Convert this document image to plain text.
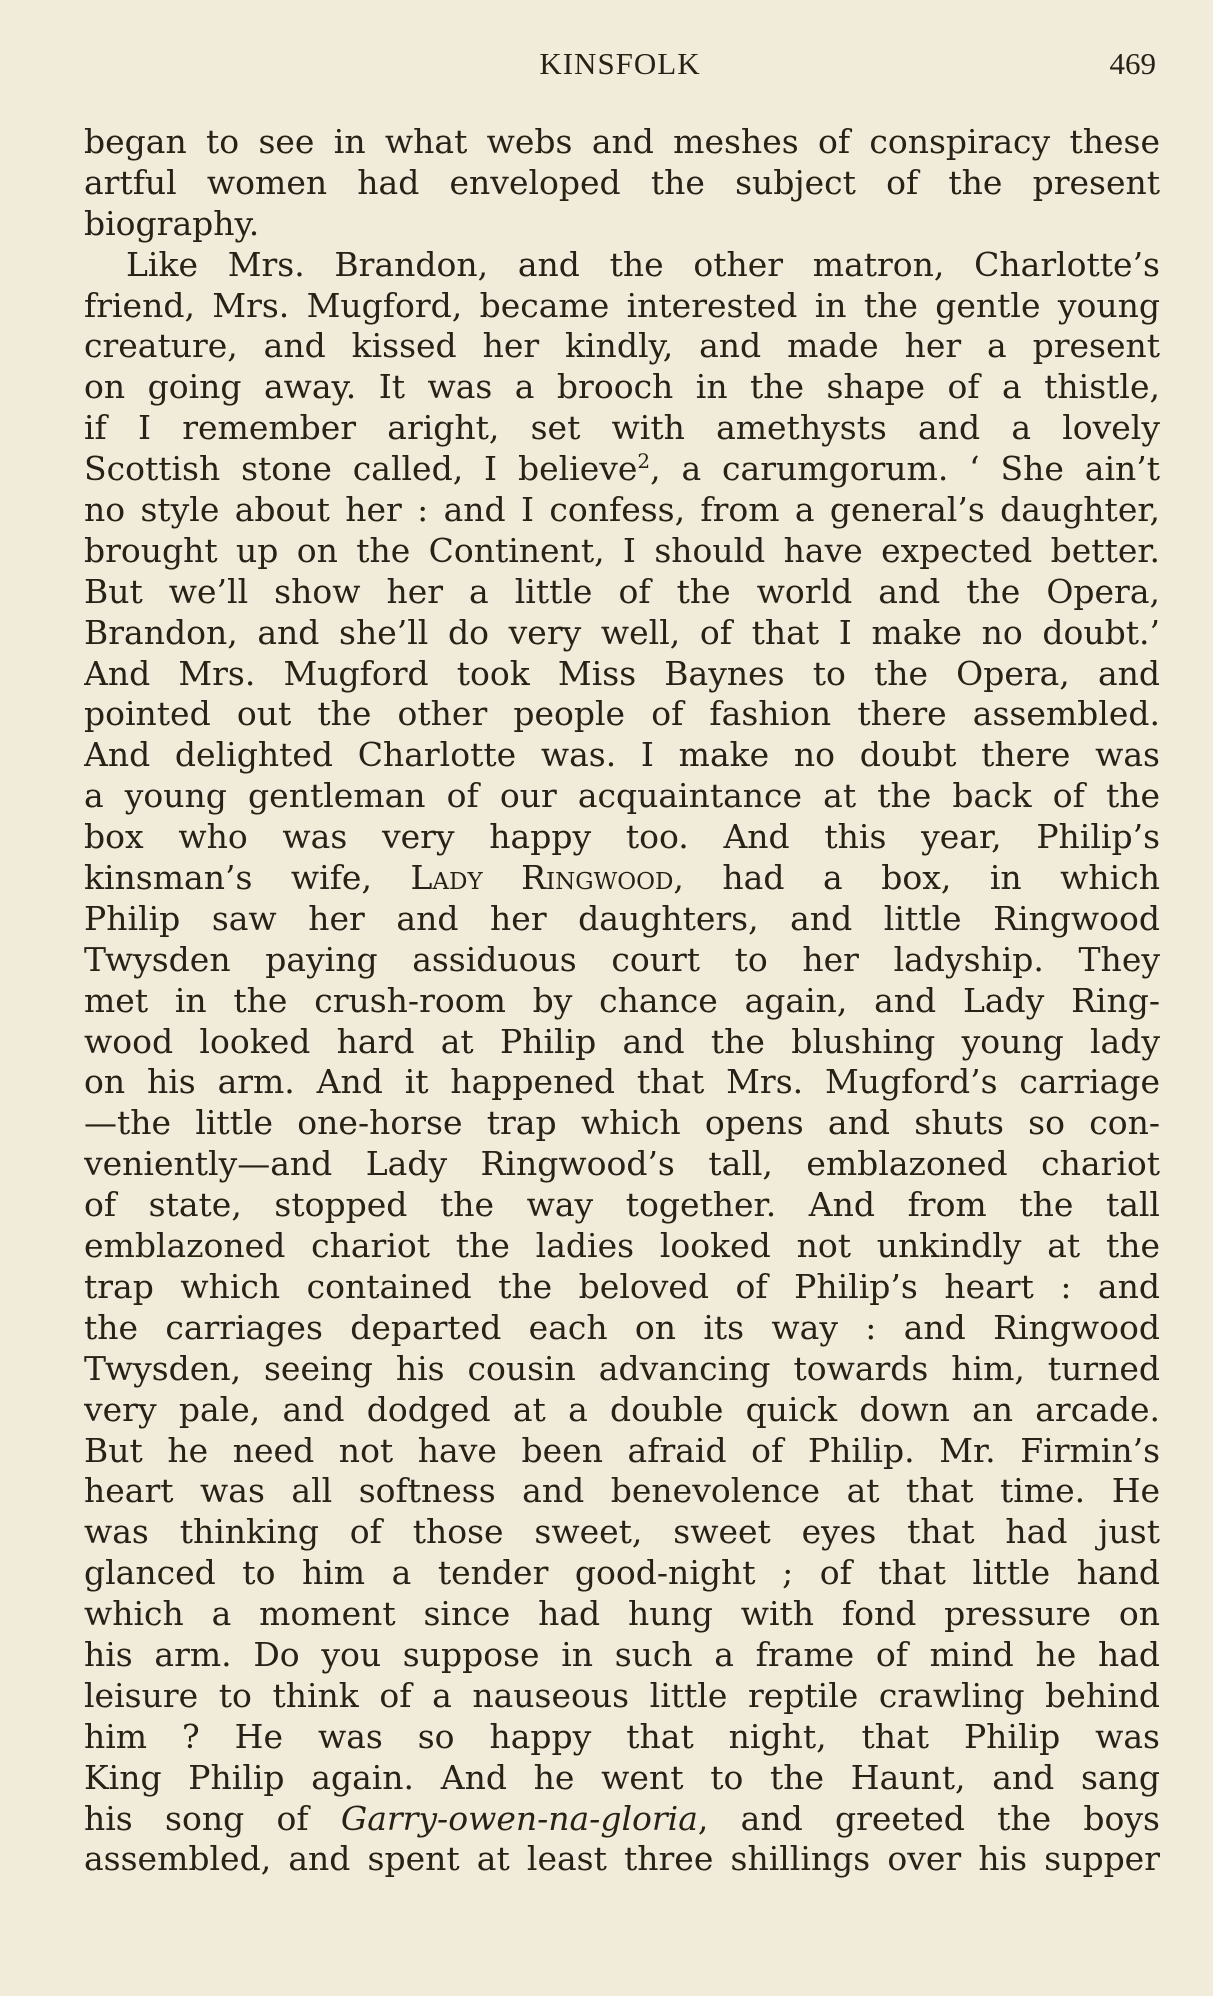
KINSFOLK	469
began to see in what webs and meshes of conspiracy these
artful women had enveloped the subject of the present
biography.
Like Mrs. Brandon, and the other matron, Charlotte’s
friend, Mrs. Mugford, became interested in the gentle young
creature, and kissed her kindly, and made her a present
on going away. It was a brooch in the shape of a thistle,
if I remember aright, set with amethysts and a lovely
Scottish stone called, I believe$^2$, a carumgorum. ‘ She ain’t
no style about her : and I confess, from a general’s daughter,
brought up on the Continent, I should have expected better.
But we’ll show her a little of the world and the Opera,
Brandon, and she’ll do very well, of that I make no doubt.’
And Mrs. Mugford took Miss Baynes to the Opera, and
pointed out the other people of fashion there assembled.
And delighted Charlotte was. I make no doubt there was
a young gentleman of our acquaintance at the back of the
box who was very happy too. And this year, Philip’s
kinsman’s wife, Lady Ringwood, had a box, in which
Philip saw her and her daughters, and little Ringwood
Twysden paying assiduous court to her ladyship. They
met in the crush-room by chance again, and Lady Ring-
wood looked hard at Philip and the blushing young lady
on his arm. And it happened that Mrs. Mugford’s carriage
—the little one-horse trap which opens and shuts so con-
veniently—and Lady Ringwood’s tall, emblazoned chariot
of state, stopped the way together. And from the tall
emblazoned chariot the ladies looked not unkindly at the
trap which contained the beloved of Philip’s heart : and
the carriages departed each on its way : and Ringwood
Twysden, seeing his cousin advancing towards him, turned
very pale, and dodged at a double quick down an arcade.
But he need not have been afraid of Philip. Mr. Firmin’s
heart was all softness and benevolence at that time. He
was thinking of those sweet, sweet eyes that had just
glanced to him a tender good-night ; of that little hand
which a moment since had hung with fond pressure on
his arm. Do you suppose in such a frame of mind he had
leisure to think of a nauseous little reptile crawling behind
him ? He was so happy that night, that Philip was
King Philip again. And he went to the Haunt, and sang
his song of Garry-owen-na-gloria, and greeted the boys
assembled, and spent at least three shillings over his supper
